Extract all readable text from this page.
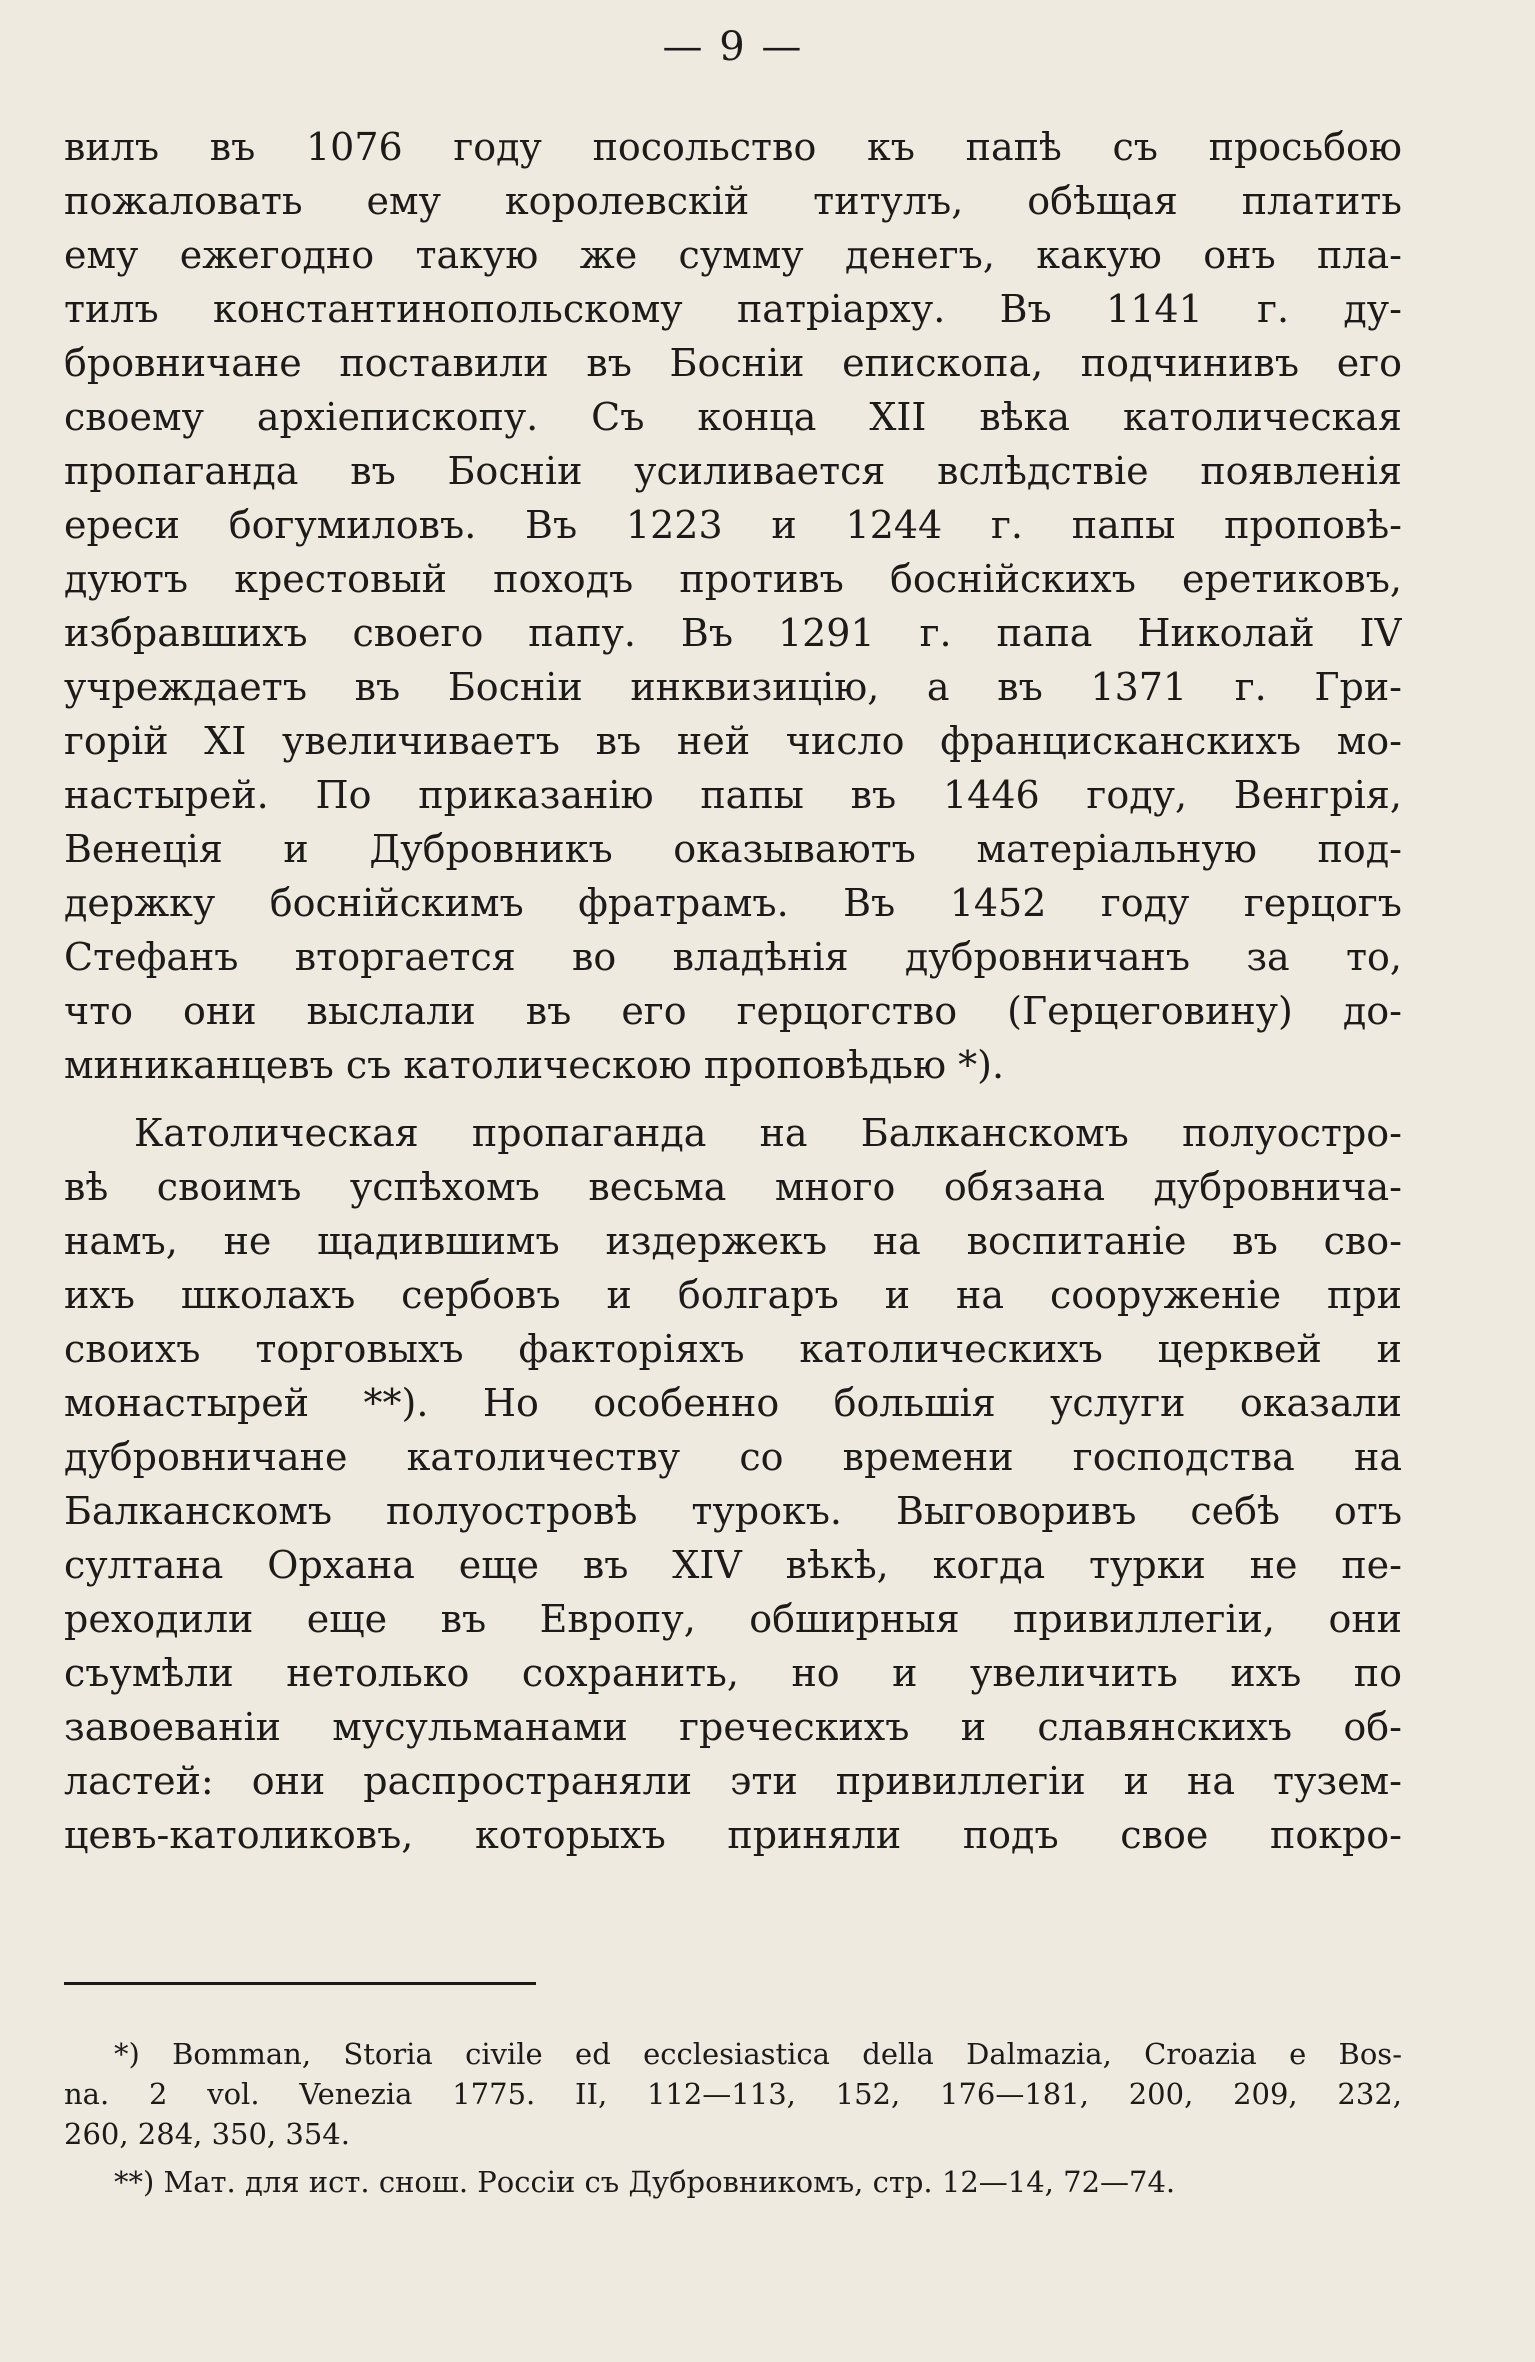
— 9 —
вилъ въ 1076 году посольство къ папѣ съ просьбою
пожаловать ему королевскій титулъ, обѣщая платить
ему ежегодно такую же сумму денегъ, какую онъ пла-
тилъ константинопольскому патріарху. Въ 1141 г. ду-
бровничане поставили въ Босніи епископа, подчинивъ его
своему архіепископу. Съ конца XII вѣка католическая
пропаганда въ Босніи усиливается вслѣдствіе появленія
ереси богумиловъ. Въ 1223 и 1244 г. папы проповѣ-
дуютъ крестовый походъ противъ боснійскихъ еретиковъ,
избравшихъ своего папу. Въ 1291 г. папа Николай IV
учреждаетъ въ Босніи инквизицію, а въ 1371 г. Гри-
горій XI увеличиваетъ въ ней число францисканскихъ мо-
настырей. По приказанію папы въ 1446 году, Венгрія,
Венеція и Дубровникъ оказываютъ матеріальную под-
держку боснійскимъ фратрамъ. Въ 1452 году герцогъ
Стефанъ вторгается во владѣнія дубровничанъ за то,
что они выслали въ его герцогство (Герцеговину) до-
миниканцевъ съ католическою проповѣдью *).
Католическая пропаганда на Балканскомъ полуостро-
вѣ своимъ успѣхомъ весьма много обязана дубровнича-
намъ, не щадившимъ издержекъ на воспитаніе въ сво-
ихъ школахъ сербовъ и болгаръ и на сооруженіе при
своихъ торговыхъ факторіяхъ католическихъ церквей и
монастырей **). Но особенно большія услуги оказали
дубровничане католичеству со времени господства на
Балканскомъ полуостровѣ турокъ. Выговоривъ себѣ отъ
султана Орхана еще въ XIV вѣкѣ, когда турки не пе-
реходили еще въ Европу, обширныя привиллегіи, они
съумѣли нетолько сохранить, но и увеличить ихъ по
завоеваніи мусульманами греческихъ и славянскихъ об-
ластей: они распространяли эти привиллегіи и на тузем-
цевъ-католиковъ, которыхъ приняли подъ свое покро-
*) Bomman, Storia civile ed ecclesiastica della Dalmazia, Croazia e Bos-
na. 2 vol. Venezia 1775. II, 112—113, 152, 176—181, 200, 209, 232,
260, 284, 350, 354.
**) Мат. для ист. снош. Россіи съ Дубровникомъ, стр. 12—14, 72—74.
